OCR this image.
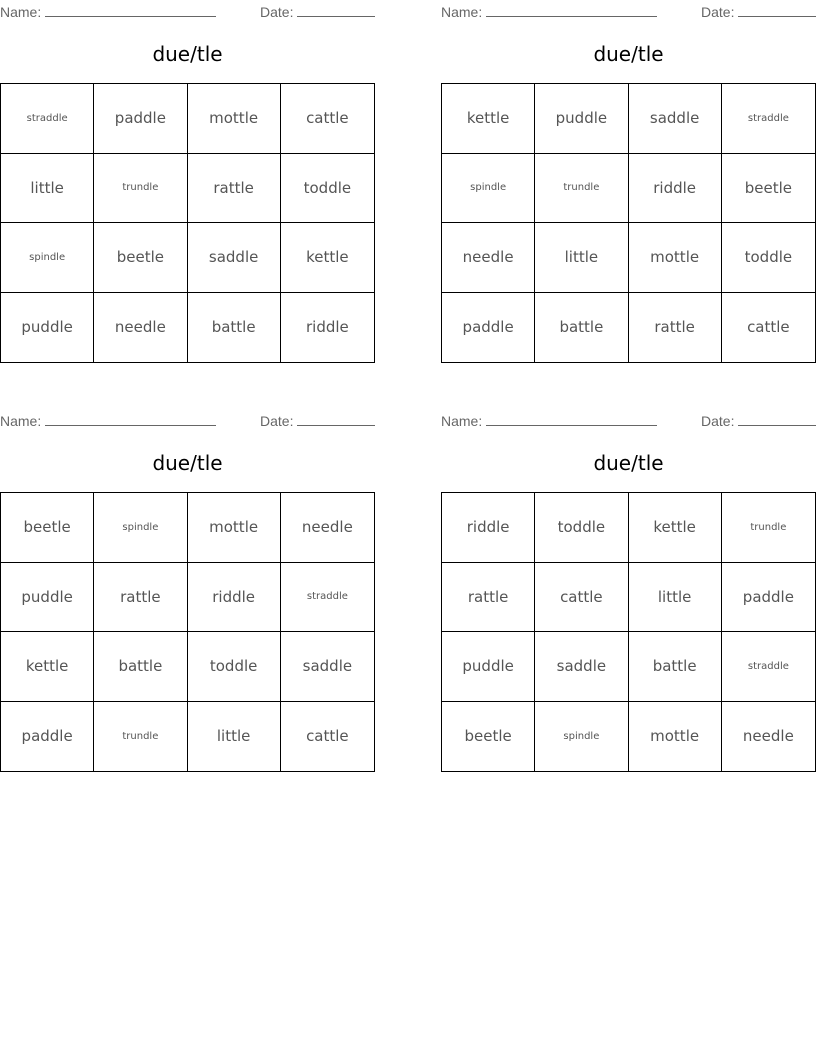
Name:	Date:
due/tle
straddle	paddle	mottle	cattle
little	trundle	rattle	toddle
spindle	beetle	saddle	kettle
puddle	needle	battle	riddle
Name:	Date:
due/tle
kettle	puddle	saddle	straddle
spindle	trundle	riddle	beetle
needle	little	mottle	toddle
paddle	battle	rattle	cattle
Name:	Date:
due/tle
beetle	spindle	mottle	needle
puddle	rattle	riddle	straddle
kettle	battle	toddle	saddle
paddle	trundle	little	cattle
Name:	Date:
due/tle
riddle	toddle	kettle	trundle
rattle	cattle	little	paddle
puddle	saddle	battle	straddle
beetle	spindle	mottle	needle
